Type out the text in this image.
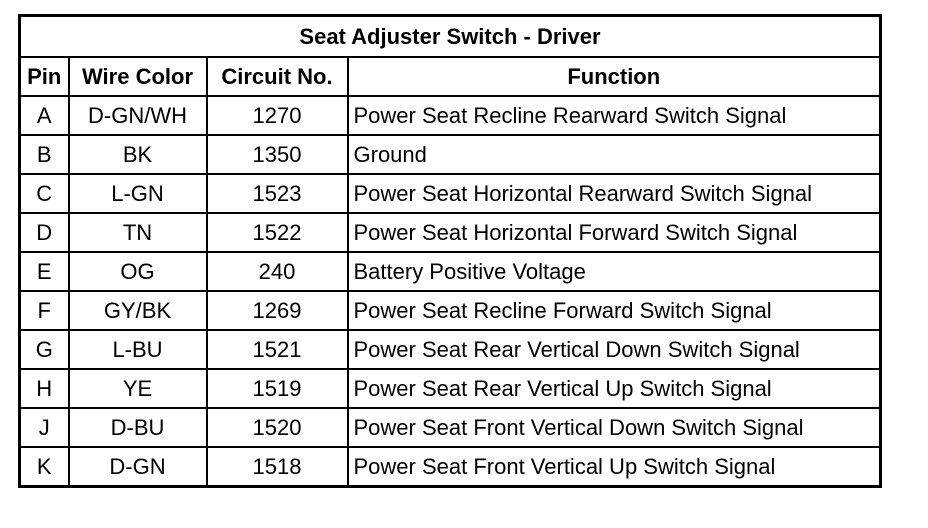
Seat Adjuster Switch - Driver			
Pin	Wire Color	Circuit No.	Function
A	D-GN/WH	1270	Power Seat Recline Rearward Switch Signal
B	BK	1350	Ground
C	L-GN	1523	Power Seat Horizontal Rearward Switch Signal
D	TN	1522	Power Seat Horizontal Forward Switch Signal
E	OG	240	Battery Positive Voltage
F	GY/BK	1269	Power Seat Recline Forward Switch Signal
G	L-BU	1521	Power Seat Rear Vertical Down Switch Signal
H	YE	1519	Power Seat Rear Vertical Up Switch Signal
J	D-BU	1520	Power Seat Front Vertical Down Switch Signal
K	D-GN	1518	Power Seat Front Vertical Up Switch Signal
